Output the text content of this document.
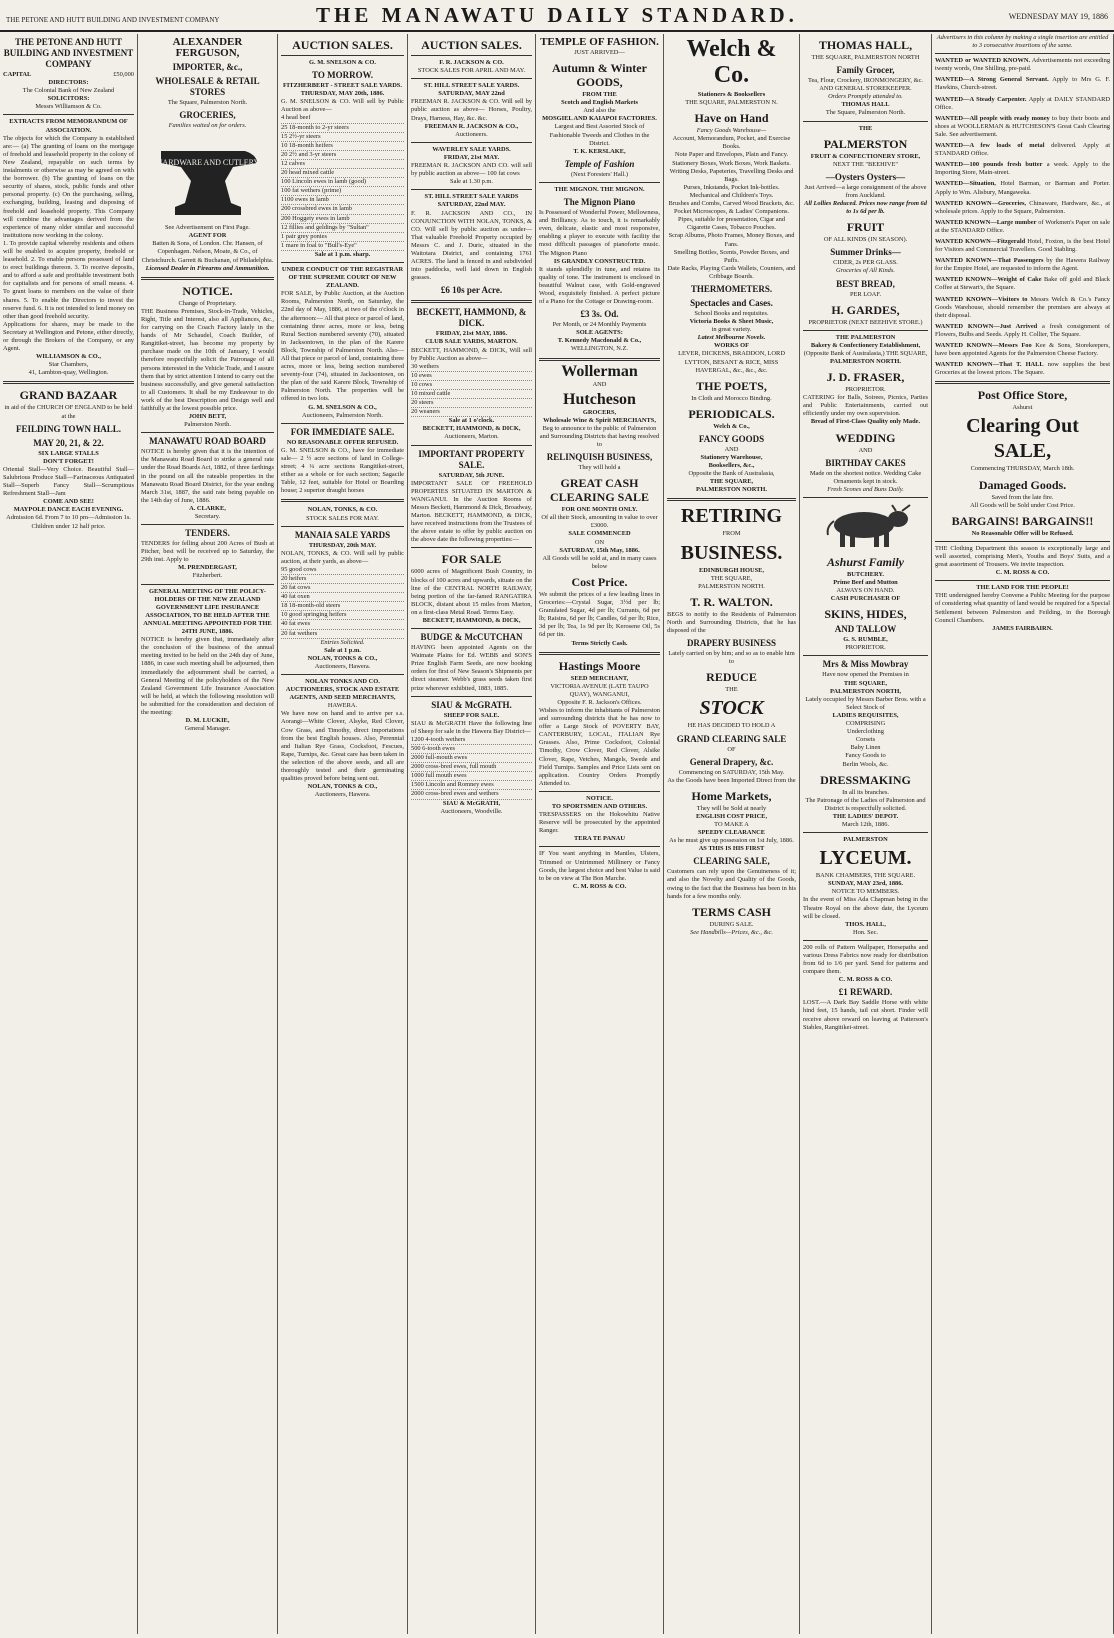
THE PETONE AND HUTT BUILDING AND INVESTMENT COMPANY	THE MANAWATU DAILY STANDARD.	WEDNESDAY MAY 19, 1886
THE PETONE AND HUTT BUILDING AND INVESTMENT COMPANY
CAPITAL	£50,000
DIRECTORS:
The Colonial Bank of New Zealand
SOLICITORS:
Messrs Williamson & Co.
EXTRACTS FROM MEMORANDUM OF ASSOCIATION.

The objects for which the Company is established are:— (a) The granting of loans on the mortgage of freehold and leasehold property in the colony of New Zealand, repayable on such terms by instalments or otherwise as may be agreed on with the borrower. (b) The granting of loans on the security of shares, stock, public funds and other personal property. (c) On the purchasing, selling, exchanging, building, leasing and disposing of freehold and leasehold property. This Company will combine the advantages derived from the experience of many older similar and successful institutions now working in the colony.

1. To provide capital whereby residents and others will be enabled to acquire property, freehold or leasehold. 2. To enable persons possessed of land to erect buildings thereon. 3. To receive deposits, and to afford a safe and profitable investment both for capitalists and for persons of small means. 4. To grant loans to members on the value of their shares. 5. To enable the Directors to invest the reserve fund. 6. It is not intended to lend money on other than good freehold security.

Applications for shares, may be made to the Secretary at Wellington and Petone, either directly, or through the Brokers of the Company, or any Agent.

WILLIAMSON & CO.,
Star Chambers,
41, Lambton-quay, Wellington.
GRAND BAZAAR
in aid of the CHURCH OF ENGLAND to be held at the
FEILDING TOWN HALL.
MAY 20, 21, & 22.
SIX LARGE STALLS
DON'T FORGET!

Oriental Stall—Very Choice. Beautiful Stall—Salubrious Produce Stall—Farinaceous Antiquated Stall—Superb Fancy Stall—Scrumptious Refreshment Stall—Jam

COME AND SEE!
MAYPOLE DANCE EACH EVENING.
Admission 6d. From 7 to 10 pm—Admission 1s.
Children under 12 half price.
ALEXANDER FERGUSON,
IMPORTER, &c.,
WHOLESALE & RETAIL STORES
The Square, Palmerston North.
GROCERIES,
Families waited on for orders.
HARDWARE AND CUTLERY
See Advertisement on First Page.
AGENT FOR
Batten & Sons, of London. Chr. Hansen, of Copenhagen. Nelson, Moate, & Co., of Christchurch. Garrett & Buchanan, of Philadelphia.
Licensed Dealer in Firearms and Ammunition.
NOTICE.
Change of Proprietary.

THE Business Premises, Stock-in-Trade, Vehicles, Right, Title and Interest, also all Appliances, &c., for carrying on the Coach Factory lately in the hands of Mr Schaudel, Coach Builder, of Rangitikei-street, has become my property by purchase made on the 10th of January, I would therefore respectfully solicit the Patronage of all persons interested in the Vehicle Trade, and I assure them that by strict attention I intend to carry out the business successfully, and give general satisfaction to all Customers. It shall be my Endeavour to do work of the best Description and Design well and faithfully at the lowest possible price.

JOHN BETT,
Palmerston North.
MANAWATU ROAD BOARD

NOTICE is hereby given that it is the intention of the Manawatu Road Board to strike a general rate under the Road Boards Act, 1882, of three farthings in the pound on all the rateable properties in the Manawatu Road Board District, for the year ending March 31st, 1887, the said rate being payable on the 14th day of June, 1886.

A. CLARKE,
Secretary.
TENDERS.

TENDERS for felling about 200 Acres of Bush at Pitcher, best will be received up to Saturday, the 29th inst. Apply to

M. PRENDERGAST,
Fitzherbert.
GENERAL MEETING OF THE POLICY-HOLDERS OF THE NEW ZEALAND GOVERNMENT LIFE INSURANCE ASSOCIATION, TO BE HELD AFTER THE ANNUAL MEETING APPOINTED FOR THE 24TH JUNE, 1886.

NOTICE is hereby given that, immediately after the conclusion of the business of the annual meeting invited to be held on the 24th day of June, 1886, in case such meeting shall be adjourned, then immediately the adjournment shall be carried, a General Meeting of the policyholders of the New Zealand Government Life Insurance Association will be held, at which the following resolution will be submitted for the consideration and decision of the meeting:

D. M. LUCKIE,
General Manager.
AUCTION SALES.
G. M. SNELSON & CO.
TO MORROW.
FITZHERBERT - STREET SALE YARDS.
THURSDAY, MAY 20th, 1886.

G. M. SNELSON & CO. Will sell by Public Auction as above—

4 head beef
25 18-month to 2-yr steers
15 2½-yr steers
10 18-month heifers
20 2½ and 3-yr steers
12 calves
20 head mixed cattle
100 Lincoln ewes in lamb (good)
100 fat wethers (prime)
1100 ewes in lamb
200 crossbred ewes in lamb
200 Hoggety ewes in lamb
12 fillies and geldings by "Sultan"
1 pair grey ponies
1 mare in foal to "Bull's-Eye"
Sale at 1 p.m. sharp.
UNDER CONDUCT OF THE REGISTRAR OF THE SUPREME COURT OF NEW ZEALAND.

FOR SALE, by Public Auction, at the Auction Rooms, Palmerston North, on Saturday, the 22nd day of May, 1886, at two of the o'clock in the afternoon:— All that piece or parcel of land, containing three acres, more or less, being Rural Section numbered seventy (70), situated in Jacksontown, in the plan of the Karere Block, Township of Palmerston North. Also—All that piece or parcel of land, containing three acres, more or less, being section numbered seventy-four (74), situated in Jacksontown, on the plan of the said Karere Block, Township of Palmerston North. The properties will be offered in two lots.

G. M. SNELSON & CO.,
Auctioneers, Palmerston North.
FOR IMMEDIATE SALE.
NO REASONABLE OFFER REFUSED.

G. M. SNELSON & CO., have for immediate sale— 2 ½ acre sections of land in College-street; 4 ¼ acre sections Rangitikei-street, either as a whole or for each section; Sagacile Table, 12 feet, suitable for Hotel or Boarding house; 2 superior draught horses

NOLAN, TONKS, & CO.
STOCK SALES FOR MAY.
MANAIA SALE YARDS
THURSDAY, 20th MAY.

NOLAN, TONKS, & CO. Will sell by public auction, at their yards, as above—

95 good cows
20 heifers
20 fat cows
40 fat oxen
18 18-month-old steers
10 good springing heifers
40 fat ewes
20 fat wethers
Entries Solicited.
Sale at 1 p.m.
NOLAN, TONKS & CO.,
Auctioneers, Hawera.
NOLAN TONKS AND CO. AUCTIONEERS, STOCK AND ESTATE AGENTS, AND SEED MERCHANTS,
HAWERA.

We have now on hand and to arrive per s.s. Aorangi—White Clover, Alsyke, Red Clover, Cow Grass, and Timothy, direct importations from the best English houses. Also, Perennial and Italian Rye Grass, Cocksfoot, Fescues, Rape, Turnips, &c. Great care has been taken in the selection of the above seeds, and all are thoroughly tested and their germinating qualities proved before being sent out.

NOLAN, TONKS & CO.,
Auctioneers, Hawera.
AUCTION SALES.
F. R. JACKSON & CO.
STOCK SALES FOR APRIL AND MAY.
ST. HILL STREET SALE YARDS.
SATURDAY, MAY 22nd

FREEMAN R. JACKSON & CO. Will sell by public auction as above— Horses, Poultry, Drays, Harness, Hay, &c. &c.

FREEMAN R. JACKSON & CO.,
Auctioneers.
WAVERLEY SALE YARDS.
FRIDAY, 21st MAY.

FREEMAN R. JACKSON AND CO. will sell by public auction as above— 100 fat cows

Sale at 1.30 p.m.
ST. HILL STREET SALE YARDS
SATURDAY, 22nd MAY.

F. R. JACKSON AND CO., IN CONJUNCTION WITH NOLAN, TONKS, & CO. Will sell by public auction as under— That valuable Freehold Property occupied by Messrs C. and J. Duric, situated in the Waitotara District, and containing 1761 ACRES. The land is fenced in and subdivided into paddocks, well laid down in English grasses.

£6 10s per Acre.
BECKETT, HAMMOND, & DICK.
FRIDAY, 21st MAY, 1886.
CLUB SALE YARDS, MARTON.

BECKETT, HAMMOND, & DICK, Will sell by Public Auction as above—

30 wethers
10 ewes
10 cows
10 mixed cattle
20 steers
20 weaners
Sale at 1 o'clock.
BECKETT, HAMMOND, & DICK,
Auctioneers, Marton.
IMPORTANT PROPERTY SALE.
SATURDAY, 5th JUNE.

IMPORTANT SALE OF FREEHOLD PROPERTIES SITUATED IN MARTON & WANGANUI. In the Auction Rooms of Messrs Beckett, Hammond & Dick, Broadway, Marton. BECKETT, HAMMOND, & DICK, have received instructions from the Trustees of the above estate to offer by public auction on the above date the following properties:—

FOR SALE

6000 acres of Magnificent Bush Country, in blocks of 100 acres and upwards, situate on the line of the CENTRAL NORTH RAILWAY, being portion of the far-famed RANGATIRA BLOCK, distant about 15 miles from Marton, on a first-class Metal Road. Terms Easy.

BECKETT, HAMMOND, & DICK,
BUDGE & McCUTCHAN

HAVING been appointed Agents on the Waimate Plains for Ed. WEBB and SON'S Prize English Farm Seeds, are now booking orders for first of New Season's Shipments per direct steamer. Webb's grass seeds taken first prize wherever exhibited, 1883, 1885.

SIAU & McGRATH.
SHEEP FOR SALE.

SIAU & McGRATH Have the following line of Sheep for sale in the Hawera Bay District—

1200 4-tooth wethers
500 6-tooth ewes
2000 full-mouth ewes
2000 cross-bred ewes, full mouth
1000 full mouth ewes
1500 Lincoln and Romney ewes
2000 cross-bred ewes and wethers
SIAU & McGRATH,
Auctioneers, Woodville.
TEMPLE OF FASHION.
JUST ARRIVED—
Autumn & Winter GOODS,
FROM THE
Scotch and English Markets
And also the
MOSGIEL AND KAIAPOI FACTORIES.
Largest and Best Assorted Stock of Fashionable Tweeds and Clothes in the District.
T. K. KERSLAKE,
Temple of Fashion
(Next Foresters' Hall.)
THE MIGNON. THE MIGNON.
The Mignon Piano

Is Possessed of Wonderful Power, Mellowness, and Brilliancy. As to touch, it is remarkably even, delicate, elastic and most responsive, enabling a player to execute with facility the most difficult passages of pianoforte music. The Mignon Piano

IS GRANDLY CONSTRUCTED.

It stands splendidly in tune, and retains its quality of tone. The instrument is enclosed in beautiful Walnut case, with Gold-engraved Wood, exquisitely finished. A perfect picture of a Piano for the Cottage or Drawing-room.

£3 3s. Od.
Per Month, or 24 Monthly Payments
SOLE AGENTS:
T. Kennedy Macdonald & Co.,
WELLINGTON, N.Z.
Wollerman
AND
Hutcheson
GROCERS,
Wholesale Wine & Spirit MERCHANTS,
Beg to announce to the public of Palmerston and Surrounding Districts that having resolved to
RELINQUISH BUSINESS,
They will hold a
GREAT CASH CLEARING SALE
FOR ONE MONTH ONLY.
Of all their Stock, amounting in value to over £3000.
SALE COMMENCED
ON
SATURDAY, 15th May, 1886.
All Goods will be sold at, and in many cases below
Cost Price.

We submit the prices of a few leading lines in Groceries:—Crystal Sugar, 3½d per lb; Granulated Sugar, 4d per lb; Currants, 6d per lb; Raisins, 6d per lb; Candles, 6d per lb; Rice, 3d per lb; Tea, 1s 9d per lb; Kerosene Oil, 5s 6d per tin.

Terms Strictly Cash.
Hastings Moore
SEED MERCHANT,
VICTORIA AVENUE (LATE TAUPO QUAY), WANGANUI,
Opposite F. R. Jackson's Offices.

Wishes to inform the inhabitants of Palmerston and surrounding districts that he has now to offer a Large Stock of POVERTY BAY, CANTERBURY, LOCAL, ITALIAN Rye Grasses. Also, Prime Cocksfoot, Colonial Timothy, Crow Clover, Red Clover, Alsike Clover, Rape, Vetches, Mangels, Swede and Field Turnips. Samples and Price Lists sent on application. Country Orders Promptly Attended to.

NOTICE.
TO SPORTSMEN AND OTHERS.

TRESPASSERS on the Hokowhitu Native Reserve will be prosecuted by the appointed Ranger.

TERA TE PANAU

IF You want anything in Mantles, Ulsters, Trimmed or Untrimmed Millinery or Fancy Goods, the largest choice and best Value is said to be on view at The Bon Marche.

C. M. ROSS & CO.
Welch & Co.
Stationers & Booksellers
THE SQUARE, PALMERSTON N.
Have on Hand
Fancy Goods Warehouse—
Account, Memorandum, Pocket, and Exercise Books.
Note Paper and Envelopes, Plain and Fancy.
Stationery Boxes, Work Boxes, Work Baskets.
Writing Desks, Papeteries, Travelling Desks and Bags.
Purses, Inkstands, Pocket Ink-bottles.
Mechanical and Children's Toys.
Brushes and Combs, Carved Wood Brackets, &c.
Pocket Microscopes, & Ladies' Companions.
Pipes, suitable for presentation, Cigar and Cigarette Cases, Tobacco Pouches.
Scrap Albums, Photo Frames, Money Boxes, and Fans.
Smelling Bottles, Scents, Powder Boxes, and Puffs.
Date Racks, Playing Cards Wallets, Counters, and Cribbage Boards.
THERMOMETERS.
Spectacles and Cases.
School Books and requisites.
Victoria Books & Sheet Music,
in great variety.
Latest Melbourne Novels.
WORKS OF
LEVER, DICKENS, BRADDON, LORD LYTTON, BESANT & RICE, MISS HAVERGAL, &c., &c., &c.
THE POETS,
In Cloth and Morocco Binding.
PERIODICALS.
Welch & Co.,
FANCY GOODS
AND
Stationery Warehouse,
Booksellers, &c.,
Opposite the Bank of Australasia,
THE SQUARE,
PALMERSTON NORTH.
RETIRING
FROM
BUSINESS.
EDINBURGH HOUSE,
THE SQUARE,
PALMERSTON NORTH.
T. R. WALTON.

BEGS to notify to the Residents of Palmerston North and Surrounding Districts, that he has disposed of the

DRAPERY BUSINESS
Lately carried on by him; and so as to enable him to
REDUCE
THE
STOCK
HE HAS DECIDED TO HOLD A
GRAND CLEARING SALE
OF
General Drapery, &c.
Commencing on SATURDAY, 15th May.
As the Goods have been Imported Direct from the
Home Markets,
They will be Sold at nearly
ENGLISH COST PRICE,
TO MAKE A
SPEEDY CLEARANCE
As he must give up possession on 1st July, 1886.
AS THIS IS HIS FIRST
CLEARING SALE,

Customers can rely upon the Genuineness of it; and also the Novelty and Quality of the Goods, owing to the fact that the Business has been in his hands for a few months only.

TERMS CASH
DURING SALE.
See Handbills—Prices, &c., &c.
THOMAS HALL,
THE SQUARE, PALMERSTON NORTH
Family Grocer,
Tea, Flour, Crockery, IRONMONGERY, &c. AND GENERAL STOREKEEPER.
Orders Promptly attended to.
THOMAS HALL
The Square, Palmerston North.
THE
PALMERSTON
FRUIT & CONFECTIONERY STORE,
NEXT THE "BEEHIVE"
—Oysters Oysters—
Just Arrived—a large consignment of the above from Auckland.
All Lollies Reduced. Prices now range from 6d to 1s 6d per lb.
FRUIT
OF ALL KINDS (IN SEASON).
Summer Drinks—
CIDER, 2s PER GLASS.
Groceries of All Kinds.
BEST BREAD,
PER LOAF.
H. GARDES,
PROPRIETOR (NEXT BEEHIVE STORE.)
THE PALMERSTON
Bakery & Confectionery Establishment,
(Opposite Bank of Australasia,) THE SQUARE,
PALMERSTON NORTH.
J. D. FRASER,
PROPRIETOR.

CATERING for Balls, Soirees, Picnics, Parties and Public Entertainments, carried out efficiently under my own supervision.

Bread of First-Class Quality only Made.
WEDDING
AND
BIRTHDAY CAKES
Made on the shortest notice. Wedding Cake Ornaments kept in stock.
Fresh Scones and Buns Daily.
Ashurst Family
BUTCHERY.
Prime Beef and Mutton
ALWAYS ON HAND.
CASH PURCHASER OF
SKINS, HIDES,
AND TALLOW
G. S. RUMBLE,
PROPRIETOR.
Mrs & Miss Mowbray
Have now opened the Premises in
THE SQUARE,
PALMERSTON NORTH,
Lately occupied by Messrs Barber Bros. with a Select Stock of
LADIES REQUISITES,
COMPRISING
Underclothing
Corsets
Baby Linen
Fancy Goods to
Berlin Wools, &c.
DRESSMAKING
In all its branches.
The Patronage of the Ladies of Palmerston and District is respectfully solicited.
THE LADIES' DEPOT.
March 12th, 1886.
PALMERSTON
LYCEUM.
BANK CHAMBERS, THE SQUARE.
SUNDAY, MAY 23rd, 1886.
NOTICE TO MEMBERS.

In the event of Miss Ada Chapman being in the Theatre Royal on the above date, the Lyceum will be closed.

THOS. HALL,
Hon. Sec.

200 rolls of Pattern Wallpaper, Horsepaths and various Dress Fabrics now ready for distribution from 6d to 1/6 per yard. Send for patterns and compare them.

C. M. ROSS & CO.
£1 REWARD.

LOST.—A Dark Bay Saddle Horse with white hind feet, 15 hands, tail cut short. Finder will receive above reward on leaving at Patterson's Stables, Rangitikei-street.

Advertisers in this column by making a single insertion are entitled to 3 consecutive insertions of the same.
WANTED or WANTED KNOWN. Advertisements not exceeding twenty words, One Shilling, pre-paid.
WANTED—A Strong General Servant. Apply to Mrs G. F. Hawkins, Church-street.
WANTED—A Steady Carpenter. Apply at DAILY STANDARD Office.
WANTED—All people with ready money to buy their boots and shoes at WOOLLERMAN & HUTCHESON'S Great Cash Clearing Sale. See advertisement.
WANTED—A few loads of metal delivered. Apply at STANDARD Office.
WANTED—100 pounds fresh butter a week. Apply to the Importing Store, Main-street.
WANTED—Situation, Hotel Barman, or Barman and Porter. Apply to Wm. Alisbury, Mangaweka.
WANTED KNOWN—Groceries, Chinaware, Hardware, &c., at wholesale prices. Apply to the Square, Palmerston.
WANTED KNOWN—Large number of Workmen's Paper on sale at the STANDARD Office.
WANTED KNOWN—Fitzgerald Hotel, Foxton, is the best Hotel for Visitors and Commercial Travellers. Good Stabling.
WANTED KNOWN—That Passengers by the Hawera Railway for the Empire Hotel, are requested to inform the Agent.
WANTED KNOWN—Weight of Cake Bake off gold and Black Coffee at Stewart's, the Square.
WANTED KNOWN—Visitors to Messrs Welch & Co.'s Fancy Goods Warehouse, should remember the premises are always at their disposal.
WANTED KNOWN—Just Arrived a fresh consignment of Flowers, Bulbs and Seeds. Apply H. Collier, The Square.
WANTED KNOWN—Messrs Foo Kee & Sons, Storekeepers, have been appointed Agents for the Palmerston Cheese Factory.
WANTED KNOWN—That T. HALL now supplies the best Groceries at the lowest prices. The Square.
Post Office Store,
Ashurst
Clearing Out
SALE,
Commencing THURSDAY, March 18th.
Damaged Goods.
Saved from the late fire.
All Goods will be Sold under Cost Price.
BARGAINS! BARGAINS!!
No Reasonable Offer will be Refused.

THE Clothing Department this season is exceptionally large and well assorted, comprising Men's, Youths and Boys' Suits, and a great assortment of Trousers. We invite inspection.

C. M. ROSS & CO.
THE LAND FOR THE PEOPLE!

THE undersigned hereby Convene a Public Meeting for the purpose of considering what quantity of land would be required for a Special Settlement between Palmerston and Feilding, in the Borough Council Chambers.

JAMES FAIRBAIRN.
